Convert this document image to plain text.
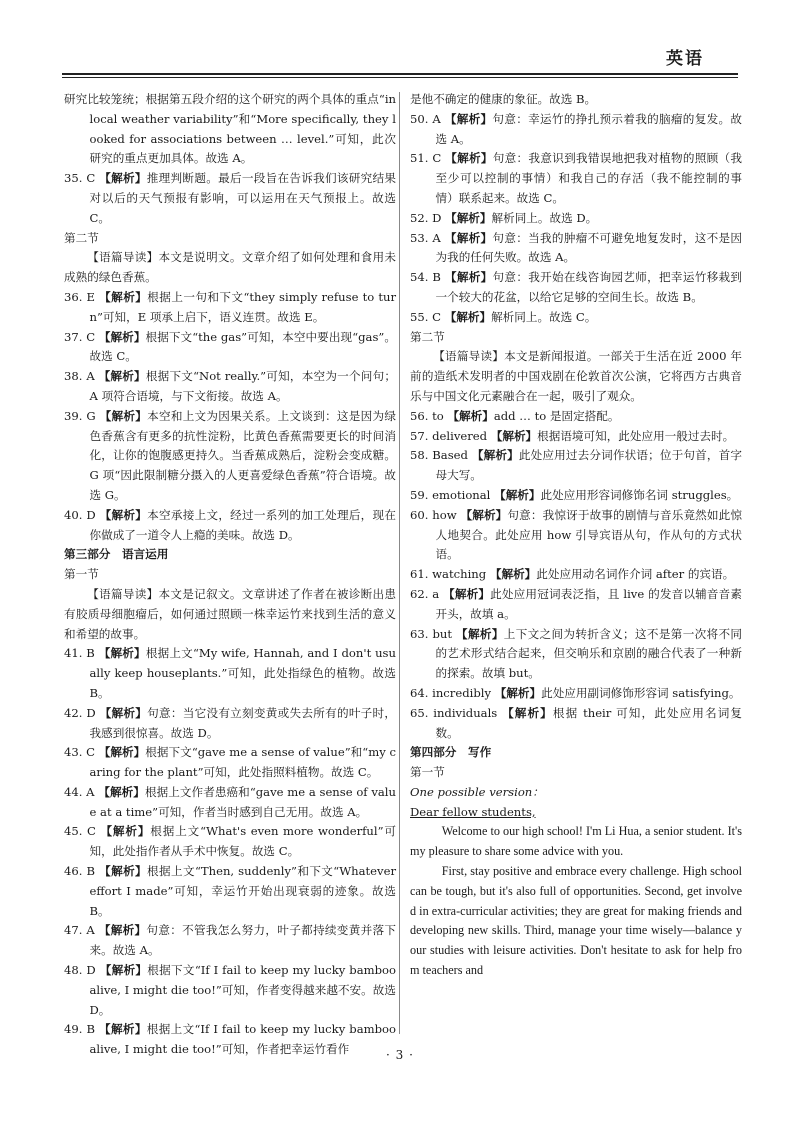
英语

研究比较笼统；根据第五段介绍的这个研究的两个具体的重点“in local weather variability”和“More specifically, they looked for associations between … level.”可知，此次研究的重点更加具体。故选 A。

35. C 【解析】推理判断题。最后一段旨在告诉我们该研究结果对以后的天气预报有影响，可以运用在天气预报上。故选 C。

第二节

【语篇导读】本文是说明文。文章介绍了如何处理和食用未成熟的绿色香蕉。

36. E 【解析】根据上一句和下文“they simply refuse to turn”可知，E 项承上启下，语义连贯。故选 E。

37. C 【解析】根据下文“the gas”可知，本空中要出现“gas”。故选 C。

38. A 【解析】根据下文“Not really.”可知，本空为一个问句；A 项符合语境，与下文衔接。故选 A。

39. G 【解析】本空和上文为因果关系。上文谈到：这是因为绿色香蕉含有更多的抗性淀粉，比黄色香蕉需要更长的时间消化，让你的饱腹感更持久。当香蕉成熟后，淀粉会变成糖。G 项“因此限制糖分摄入的人更喜爱绿色香蕉”符合语境。故选 G。

40. D 【解析】本空承接上文，经过一系列的加工处理后，现在你做成了一道令人上瘾的美味。故选 D。

第三部分　语言运用

第一节

【语篇导读】本文是记叙文。文章讲述了作者在被诊断出患有胶质母细胞瘤后，如何通过照顾一株幸运竹来找到生活的意义和希望的故事。

41. B 【解析】根据上文“My wife, Hannah, and I don't usually keep houseplants.”可知，此处指绿色的植物。故选 B。

42. D 【解析】句意：当它没有立刻变黄或失去所有的叶子时，我感到很惊喜。故选 D。

43. C 【解析】根据下文“gave me a sense of value”和“my caring for the plant”可知，此处指照料植物。故选 C。

44. A 【解析】根据上文作者患癌和“gave me a sense of value at a time”可知，作者当时感到自己无用。故选 A。

45. C 【解析】根据上文“What's even more wonderful”可知，此处指作者从手术中恢复。故选 C。

46. B 【解析】根据上文“Then, suddenly”和下文“Whatever effort I made”可知，幸运竹开始出现衰弱的迹象。故选 B。

47. A 【解析】句意：不管我怎么努力，叶子都持续变黄并落下来。故选 A。

48. D 【解析】根据下文“If I fail to keep my lucky bamboo alive, I might die too!”可知，作者变得越来越不安。故选 D。

49. B 【解析】根据上文“If I fail to keep my lucky bamboo alive, I might die too!”可知，作者把幸运竹看作

是他不确定的健康的象征。故选 B。

50. A 【解析】句意：幸运竹的挣扎预示着我的脑瘤的复发。故选 A。

51. C 【解析】句意：我意识到我错误地把我对植物的照顾（我至少可以控制的事情）和我自己的存活（我不能控制的事情）联系起来。故选 C。

52. D 【解析】解析同上。故选 D。

53. A 【解析】句意：当我的肿瘤不可避免地复发时，这不是因为我的任何失败。故选 A。

54. B 【解析】句意：我开始在线咨询园艺师，把幸运竹移栽到一个较大的花盆，以给它足够的空间生长。故选 B。

55. C 【解析】解析同上。故选 C。

第二节

【语篇导读】本文是新闻报道。一部关于生活在近 2000 年前的造纸术发明者的中国戏剧在伦敦首次公演，它将西方古典音乐与中国文化元素融合在一起，吸引了观众。

56. to 【解析】add … to 是固定搭配。

57. delivered 【解析】根据语境可知，此处应用一般过去时。

58. Based 【解析】此处应用过去分词作状语；位于句首，首字母大写。

59. emotional 【解析】此处应用形容词修饰名词 struggles。

60. how 【解析】句意：我惊讶于故事的剧情与音乐竟然如此惊人地契合。此处应用 how 引导宾语从句，作从句的方式状语。

61. watching 【解析】此处应用动名词作介词 after 的宾语。

62. a 【解析】此处应用冠词表泛指，且 live 的发音以辅音音素开头，故填 a。

63. but 【解析】上下文之间为转折含义；这不是第一次将不同的艺术形式结合起来，但交响乐和京剧的融合代表了一种新的探索。故填 but。

64. incredibly 【解析】此处应用副词修饰形容词 satisfying。

65. individuals 【解析】根据 their 可知，此处应用名词复数。

第四部分　写作

第一节

One possible version：

Dear fellow students,

Welcome to our high school! I'm Li Hua, a senior student. It's my pleasure to share some advice with you.

First, stay positive and embrace every challenge. High school can be tough, but it's also full of opportunities. Second, get involved in extra-curricular activities; they are great for making friends and developing new skills. Third, manage your time wisely—balance your studies with leisure activities. Don't hesitate to ask for help from teachers and

· 3 ·
